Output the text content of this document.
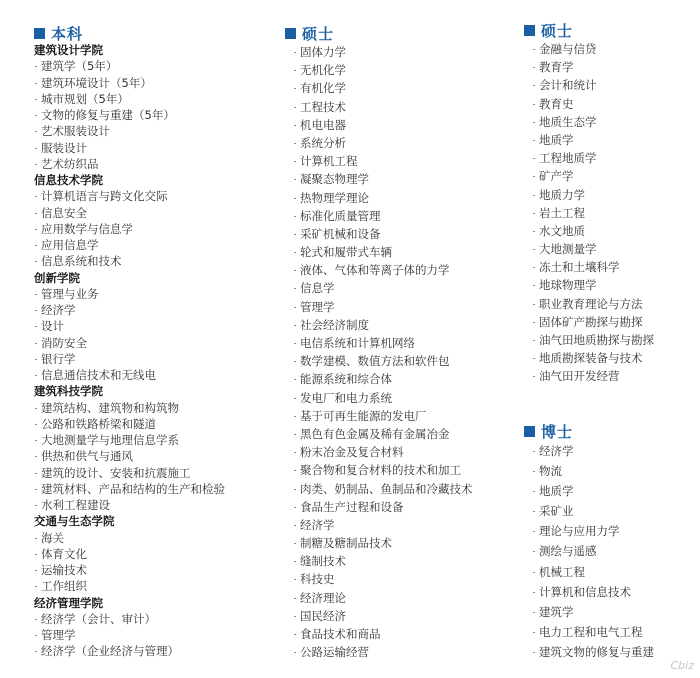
本科
建筑设计学院
建筑学（5年）
建筑环境设计（5年）
城市规划（5年）
文物的修复与重建（5年）
艺术服装设计
服装设计
艺术纺织品
信息技术学院
计算机语言与跨文化交际
信息安全
应用数学与信息学
应用信息学
信息系统和技术
创新学院
管理与业务
经济学
设计
消防安全
银行学
信息通信技术和无线电
建筑科技学院
建筑结构、建筑物和构筑物
公路和铁路桥梁和隧道
大地测量学与地理信息学系
供热和供气与通风
建筑的设计、安装和抗震施工
建筑材料、产品和结构的生产和检验
水利工程建设
交通与生态学院
海关
体育文化
运输技术
工作组织
经济管理学院
经济学（会计、审计）
管理学
经济学（企业经济与管理）
硕士
固体力学
无机化学
有机化学
工程技术
机电电器
系统分析
计算机工程
凝聚态物理学
热物理学理论
标准化质量管理
采矿机械和设备
轮式和履带式车辆
液体、气体和等离子体的力学
信息学
管理学
社会经济制度
电信系统和计算机网络
数学建模、数值方法和软件包
能源系统和综合体
发电厂和电力系统
基于可再生能源的发电厂
黑色有色金属及稀有金属冶金
粉末冶金及复合材料
聚合物和复合材料的技术和加工
肉类、奶制品、鱼制品和冷藏技术
食品生产过程和设备
经济学
制糖及糖制品技术
缝制技术
科技史
经济理论
国民经济
食品技术和商品
公路运输经营
硕士
金融与信贷
教育学
会计和统计
教育史
地质生态学
地质学
工程地质学
矿产学
地质力学
岩土工程
水文地质
大地测量学
冻土和土壤科学
地球物理学
职业教育理论与方法
固体矿产勘探与勘探
油气田地质勘探与勘探
地质勘探装备与技术
油气田开发经营
博士
经济学
物流
地质学
采矿业
理论与应用力学
测绘与遥感
机械工程
计算机和信息技术
建筑学
电力工程和电气工程
建筑文物的修复与重建
Cbiz
